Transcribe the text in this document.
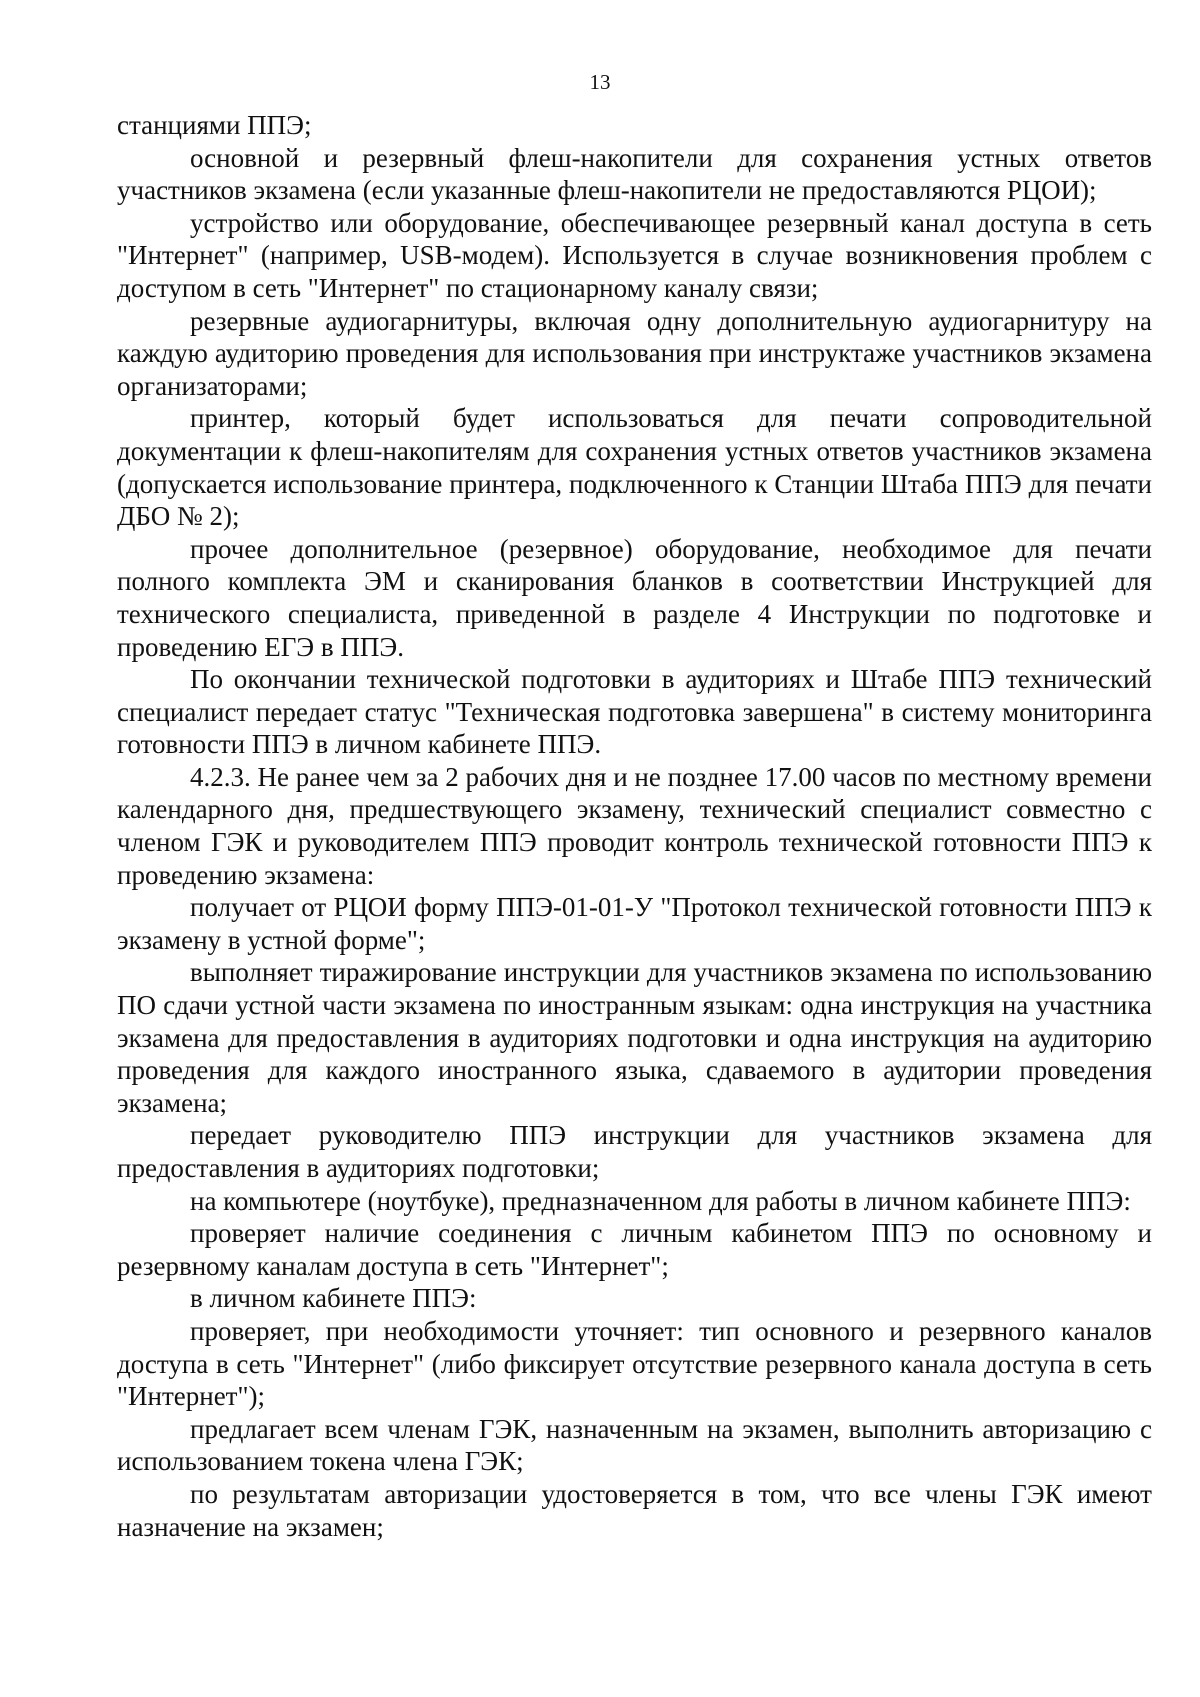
13

станциями ППЭ;

основной и резервный флеш-накопители для сохранения устных ответов участников экзамена (если указанные флеш-накопители не предоставляются РЦОИ);

устройство или оборудование, обеспечивающее резервный канал доступа в сеть "Интернет" (например, USB-модем). Используется в случае возникновения проблем с доступом в сеть "Интернет" по стационарному каналу связи;

резервные аудиогарнитуры, включая одну дополнительную аудиогарнитуру на каждую аудиторию проведения для использования при инструктаже участников экзамена организаторами;

принтер, который будет использоваться для печати сопроводительной документации к флеш-накопителям для сохранения устных ответов участников экзамена (допускается использование принтера, подключенного к Станции Штаба ППЭ для печати ДБО № 2);

прочее дополнительное (резервное) оборудование, необходимое для печати полного комплекта ЭМ и сканирования бланков в соответствии Инструкцией для технического специалиста, приведенной в разделе 4 Инструкции по подготовке и проведению ЕГЭ в ППЭ.

По окончании технической подготовки в аудиториях и Штабе ППЭ технический специалист передает статус "Техническая подготовка завершена" в систему мониторинга готовности ППЭ в личном кабинете ППЭ.

4.2.3. Не ранее чем за 2 рабочих дня и не позднее 17.00 часов по местному времени календарного дня, предшествующего экзамену, технический специалист совместно с членом ГЭК и руководителем ППЭ проводит контроль технической готовности ППЭ к проведению экзамена:

получает от РЦОИ форму ППЭ-01-01-У "Протокол технической готовности ППЭ к экзамену в устной форме";

выполняет тиражирование инструкции для участников экзамена по использованию ПО сдачи устной части экзамена по иностранным языкам: одна инструкция на участника экзамена для предоставления в аудиториях подготовки и одна инструкция на аудиторию проведения для каждого иностранного языка, сдаваемого в аудитории проведения экзамена;

передает руководителю ППЭ инструкции для участников экзамена для предоставления в аудиториях подготовки;

на компьютере (ноутбуке), предназначенном для работы в личном кабинете ППЭ:

проверяет наличие соединения с личным кабинетом ППЭ по основному и резервному каналам доступа в сеть "Интернет";

в личном кабинете ППЭ:

проверяет, при необходимости уточняет: тип основного и резервного каналов доступа в сеть "Интернет" (либо фиксирует отсутствие резервного канала доступа в сеть "Интернет");

предлагает всем членам ГЭК, назначенным на экзамен, выполнить авторизацию с использованием токена члена ГЭК;

по результатам авторизации удостоверяется в том, что все члены ГЭК имеют назначение на экзамен;
